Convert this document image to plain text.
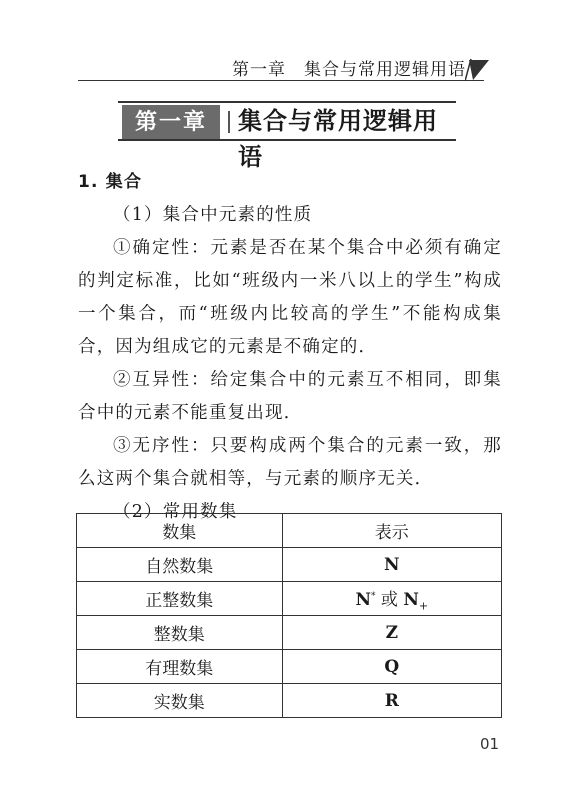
第一章　集合与常用逻辑用语
第一章	集合与常用逻辑用语

1. 集合

（1）集合中元素的性质

①确定性：元素是否在某个集合中必须有确定的判定标准，比如“班级内一米八以上的学生”构成一个集合，而“班级内比较高的学生”不能构成集合，因为组成它的元素是不确定的．

②互异性：给定集合中的元素互不相同，即集合中的元素不能重复出现．

③无序性：只要构成两个集合的元素一致，那么这两个集合就相等，与元素的顺序无关．

（2）常用数集

数集	表示
自然数集	N
正整数集	N* 或 $N_+$
整数集	Z
有理数集	Q
实数集	R
01
